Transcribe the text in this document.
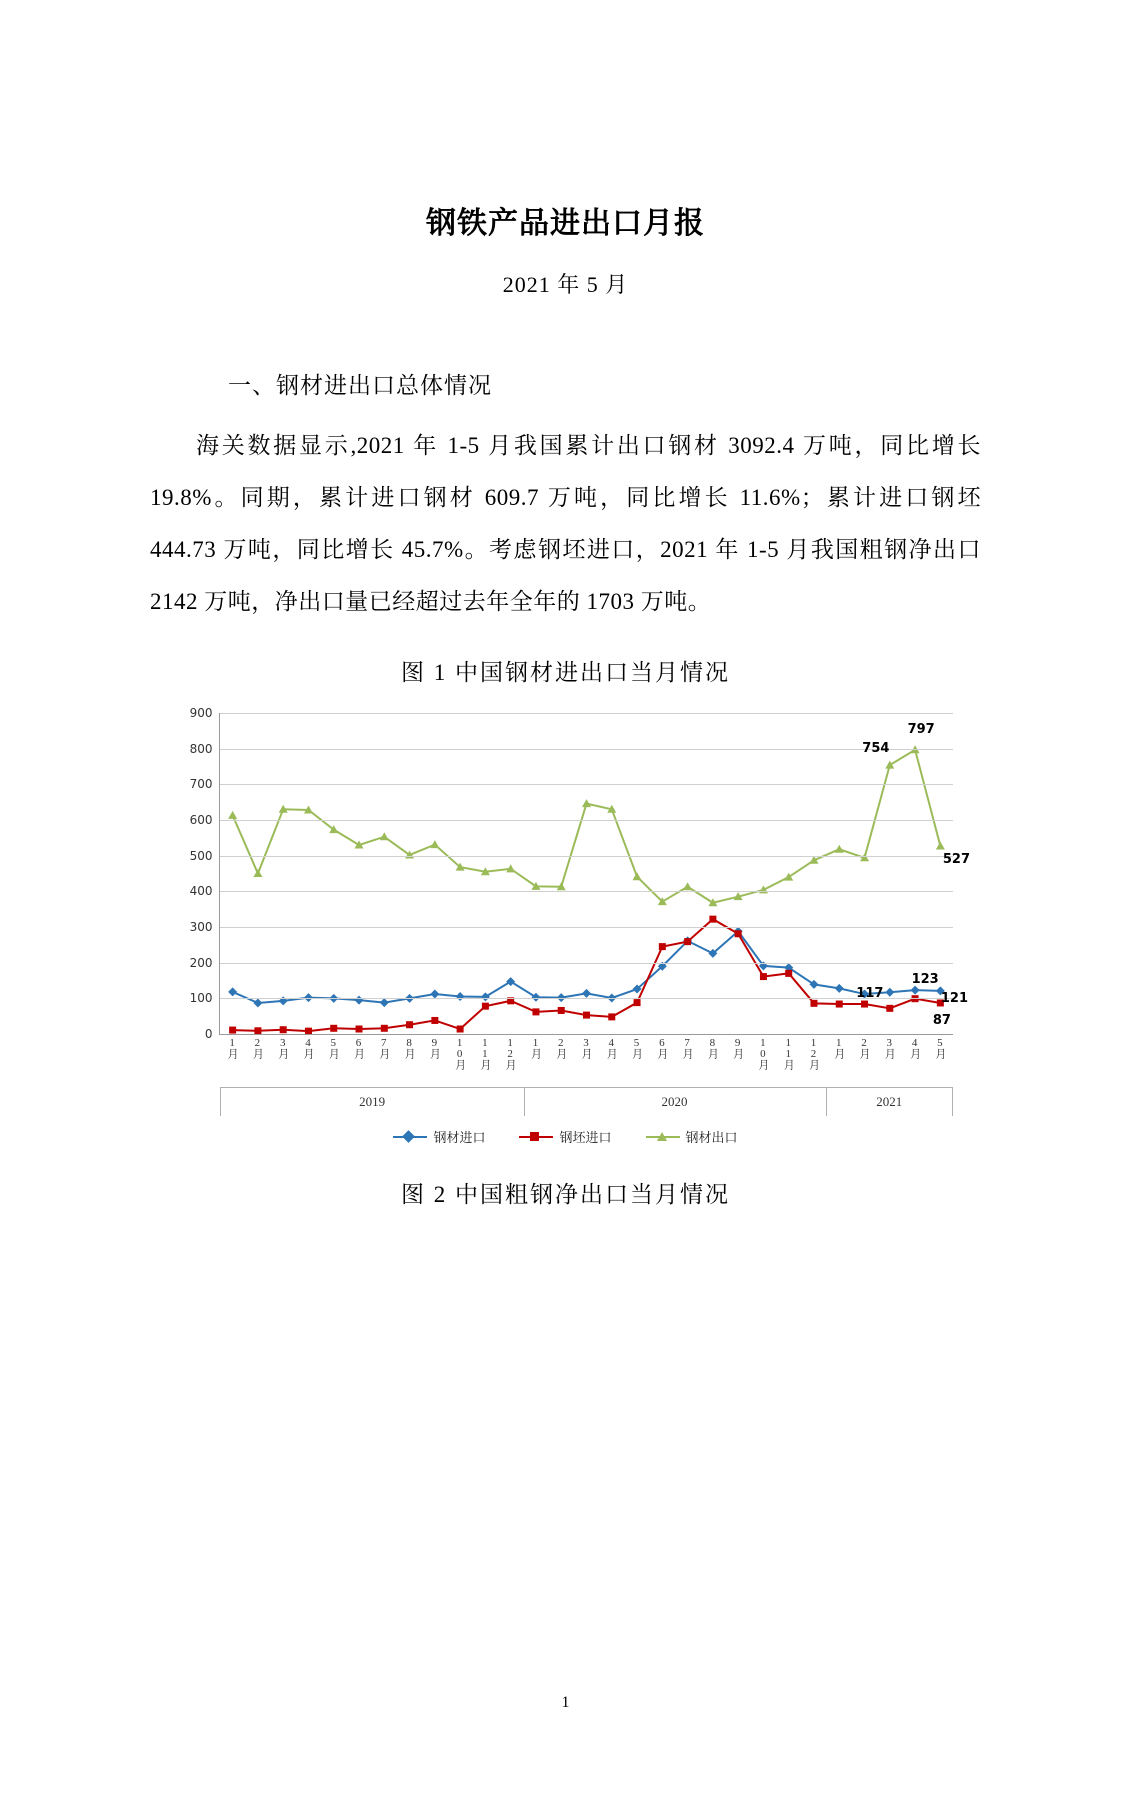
钢铁产品进出口月报
2021 年 5 月
一、钢材进出口总体情况
海关数据显示,2021 年 1-5 月我国累计出口钢材 3092.4 万吨，同比增长 19.8%。同期，累计进口钢材 609.7 万吨，同比增长 11.6%；累计进口钢坯 444.73 万吨，同比增长 45.7%。考虑钢坯进口，2021 年 1-5 月我国粗钢净出口 2142 万吨，净出口量已经超过去年全年的 1703 万吨。
图 1 中国钢材进出口当月情况
0
100
200
300
400
500
600
700
800
900
754
797
527
117
123
121
87
1月 2月 3月 4月 5月 6月 7月 8月 9月 10月 11月 12月 1月 2月 3月 4月 5月 6月 7月 8月 9月 10月 11月 12月 1月 2月 3月 4月 5月
2019	2020	2021
钢材进口	钢坯进口	钢材出口
图 2 中国粗钢净出口当月情况
1
